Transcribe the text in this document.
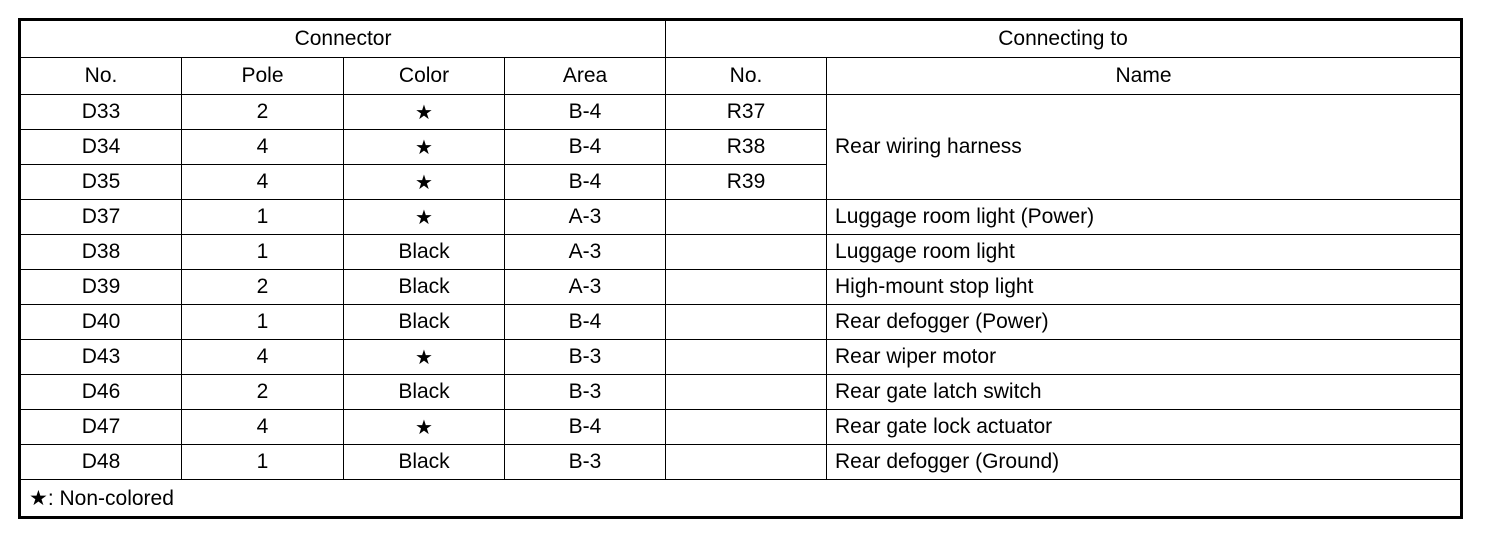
Connector				Connecting to	
No.	Pole	Color	Area	No.	Name
D33	2	★	B-4	R37	Rear wiring harness
D34	4	★	B-4	R38	
D35	4	★	B-4	R39	
D37	1	★	A-3		Luggage room light (Power)
D38	1	Black	A-3		Luggage room light
D39	2	Black	A-3		High-mount stop light
D40	1	Black	B-4		Rear defogger (Power)
D43	4	★	B-3		Rear wiper motor
D46	2	Black	B-3		Rear gate latch switch
D47	4	★	B-4		Rear gate lock actuator
D48	1	Black	B-3		Rear defogger (Ground)
★: Non-colored					
